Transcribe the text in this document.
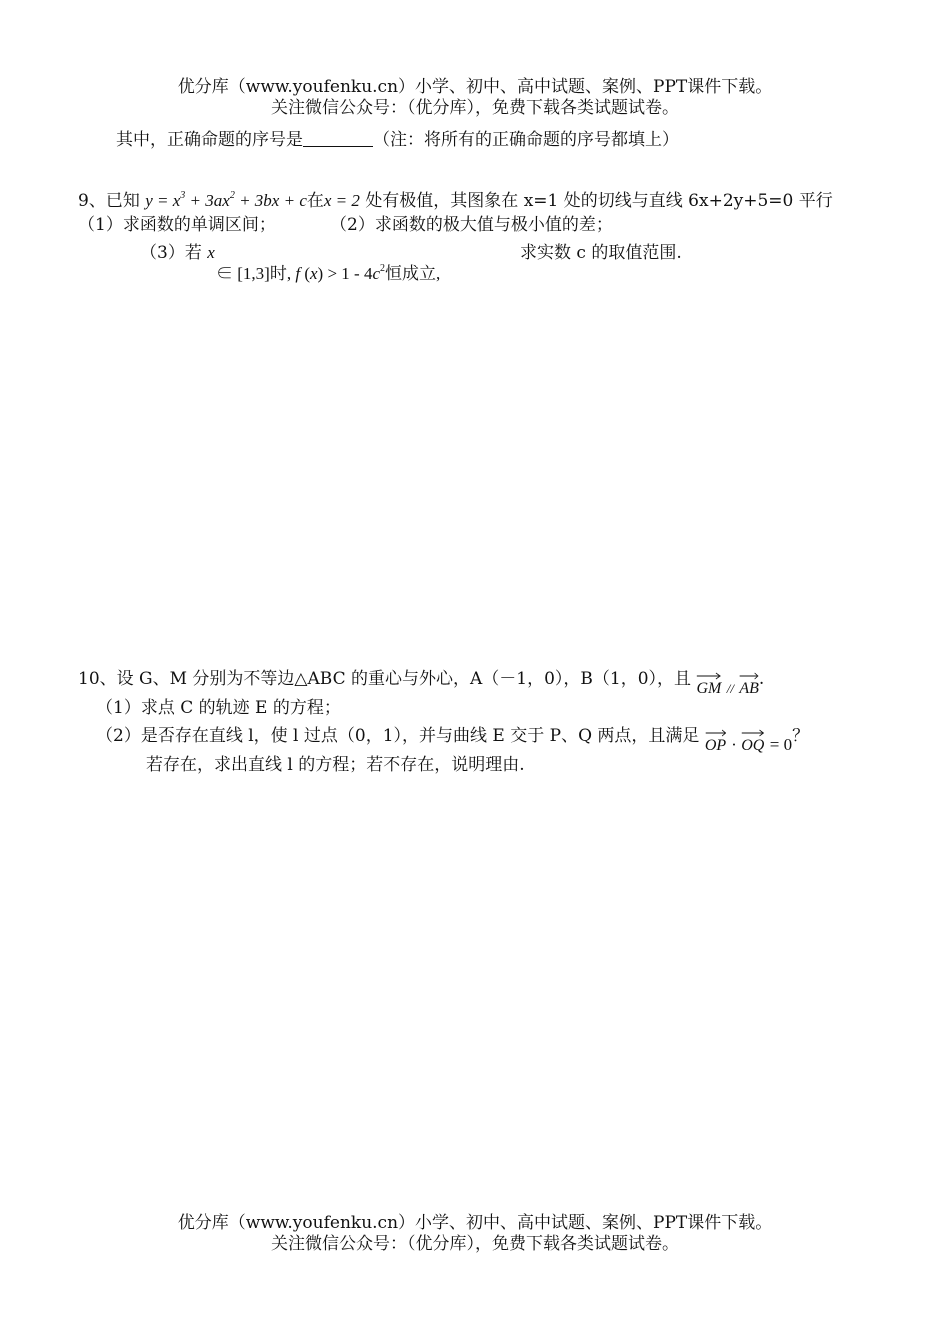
优分库（www.youfenku.cn）小学、初中、高中试题、案例、PPT课件下载。
关注微信公众号：（优分库），免费下载各类试题试卷。
其中，正确命题的序号是	（注：将所有的正确命题的序号都填上）
9、已知 $y = x^3 + 3ax^2 + 3bx + c$在x = 2 处有极值，其图象在 x=1 处的切线与直线 6x+2y+5=0 平行
（1）求函数的单调区间；	（2）求函数的极大值与极小值的差；
（3）若 x
∈ [1,3]时, f $(x) > 1 - 4c^2$恒成立,
求实数 c 的取值范围.
10、设 G、M 分别为不等边△ABC 的重心与外心，A（－1，0），B（1，0），且 GM // AB.
（1）求点 C 的轨迹 E 的方程；
（2）是否存在直线 l，使 l 过点（0，1），并与曲线 E 交于 P、Q 两点，且满足 OP · OQ = 0？
若存在，求出直线 l 的方程；若不存在，说明理由.
优分库（www.youfenku.cn）小学、初中、高中试题、案例、PPT课件下载。
关注微信公众号：（优分库），免费下载各类试题试卷。
